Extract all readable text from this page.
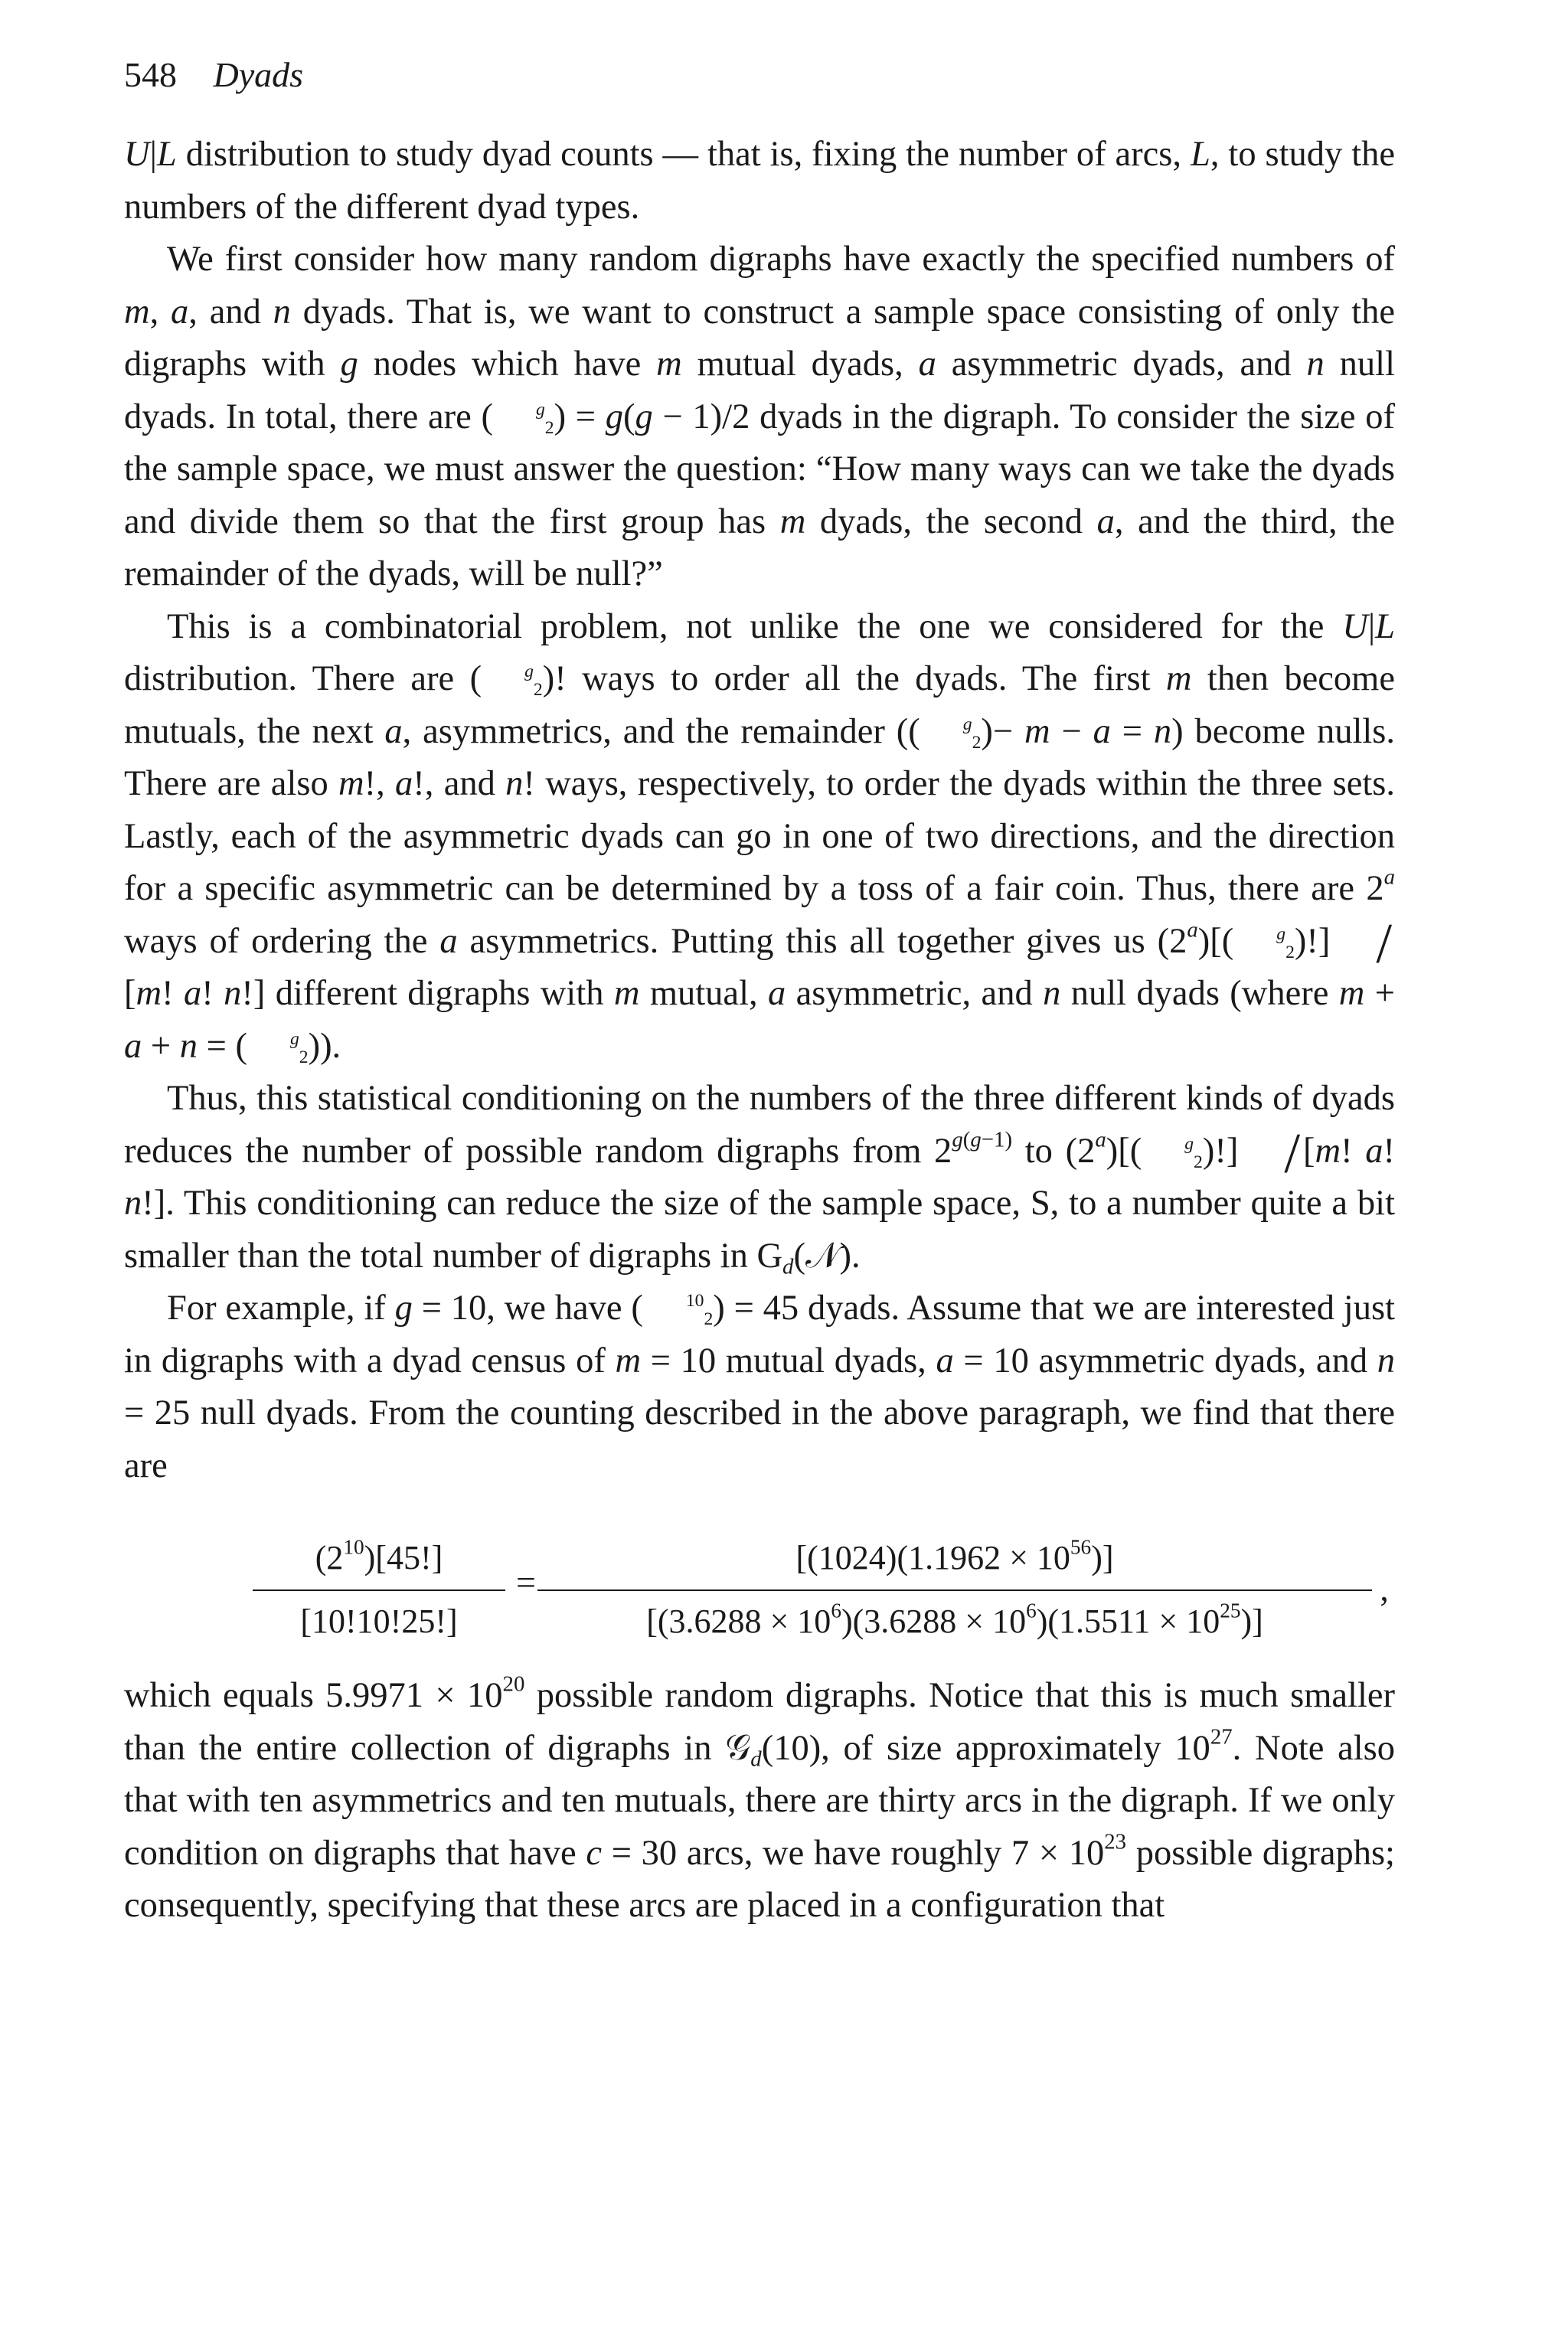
548 Dyads

U|L distribution to study dyad counts — that is, fixing the number of arcs, L, to study the numbers of the different dyad types.

We first consider how many random digraphs have exactly the specified numbers of m, a, and n dyads. That is, we want to construct a sample space consisting of only the digraphs with g nodes which have m mutual dyads, a asymmetric dyads, and n null dyads. In total, there are ( $^g_2$) = g(g − 1)/2 dyads in the digraph. To consider the size of the sample space, we must answer the question: “How many ways can we take the dyads and divide them so that the first group has m dyads, the second a, and the third, the remainder of the dyads, will be null?”

This is a combinatorial problem, not unlike the one we considered for the U|L distribution. There are ( $^g_2$)! ways to order all the dyads. The first m then become mutuals, the next a, asymmetrics, and the remainder (( $^g_2$)− m − a = n) become nulls. There are also m!, a!, and n! ways, respectively, to order the dyads within the three sets. Lastly, each of the asymmetric dyads can go in one of two directions, and the direction for a specific asymmetric can be determined by a toss of a fair coin. Thus, there are 2$^a$ ways of ordering the a asymmetrics. Putting this all together gives us (2$^a$)[( $^g_2$)!] /[m! a! n!] different digraphs with m mutual, a asymmetric, and n null dyads (where m + a + n = ( $^g_2$)).

Thus, this statistical conditioning on the numbers of the three different kinds of dyads reduces the number of possible random digraphs from $2^{g(g-1)}$ to (2$^a$)[( $^g_2$)!] /[m! a! n!]. This conditioning can reduce the size of the sample space, S, to a number quite a bit smaller than the total number of digraphs in $G_d(𝒩)$.

For example, if g = 10, we have ( $^{10}_2$) = 45 dyads. Assume that we are interested just in digraphs with a dyad census of m = 10 mutual dyads, a = 10 asymmetric dyads, and n = 25 null dyads. From the counting described in the above paragraph, we find that there are

$\frac{(2^{10})[45!]}{[10!10!25!]} = \frac{[(1024)(1.1962 \times 10^{56})]}{[(3.6288 \times 10^6)(3.6288 \times 10^6)(1.5511 \times 10^{25})]}$ ’

which equals $5.9971 \times 10^{20}$ possible random digraphs. Notice that this is much smaller than the entire collection of digraphs in 𝒢$_d$(10), of size approximately $10^{27}$. Note also that with ten asymmetrics and ten mutuals, there are thirty arcs in the digraph. If we only condition on digraphs that have c = 30 arcs, we have roughly $7 \times 10^{23}$ possible digraphs; consequently, specifying that these arcs are placed in a configuration that
